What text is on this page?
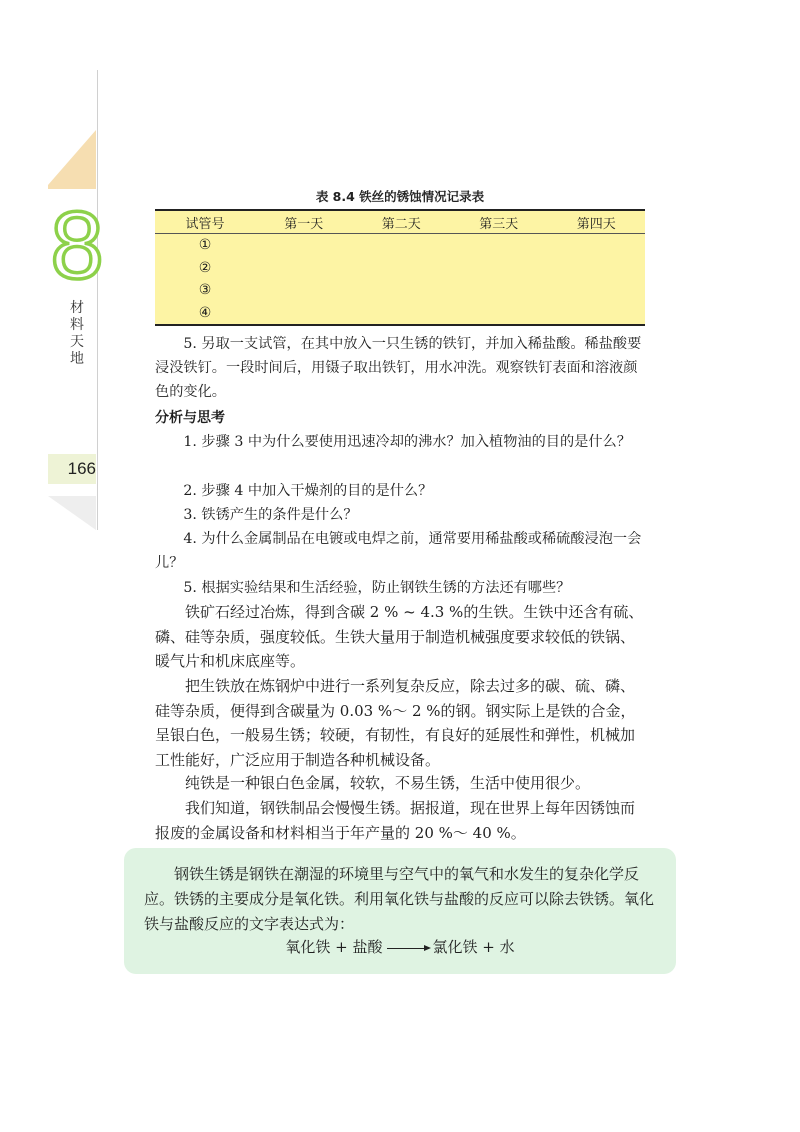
8
材料天地
166
表 8.4 铁丝的锈蚀情况记录表
试管号	第一天	第二天	第三天	第四天
①				
②				
③				
④				

5. 另取一支试管，在其中放入一只生锈的铁钉，并加入稀盐酸。稀盐酸要浸没铁钉。一段时间后，用镊子取出铁钉，用水冲洗。观察铁钉表面和溶液颜色的变化。

分析与思考

1. 步骤 3 中为什么要使用迅速冷却的沸水？加入植物油的目的是什么？

2. 步骤 4 中加入干燥剂的目的是什么？

3. 铁锈产生的条件是什么？

4. 为什么金属制品在电镀或电焊之前，通常要用稀盐酸或稀硫酸浸泡一会儿？

5. 根据实验结果和生活经验，防止钢铁生锈的方法还有哪些？

铁矿石经过冶炼，得到含碳 2 % ~ 4.3 %的生铁。生铁中还含有硫、磷、硅等杂质，强度较低。生铁大量用于制造机械强度要求较低的铁锅、暖气片和机床底座等。

把生铁放在炼钢炉中进行一系列复杂反应，除去过多的碳、硫、磷、硅等杂质，便得到含碳量为 0.03 %～ 2 %的钢。钢实际上是铁的合金，呈银白色，一般易生锈；较硬，有韧性，有良好的延展性和弹性，机械加工性能好，广泛应用于制造各种机械设备。

纯铁是一种银白色金属，较软，不易生锈，生活中使用很少。

我们知道，钢铁制品会慢慢生锈。据报道，现在世界上每年因锈蚀而报废的金属设备和材料相当于年产量的 20 %～ 40 %。

钢铁生锈是钢铁在潮湿的环境里与空气中的氧气和水发生的复杂化学反应。铁锈的主要成分是氧化铁。利用氧化铁与盐酸的反应可以除去铁锈。氧化铁与盐酸反应的文字表达式为：

氧化铁 + 盐酸 → 氯化铁 + 水
